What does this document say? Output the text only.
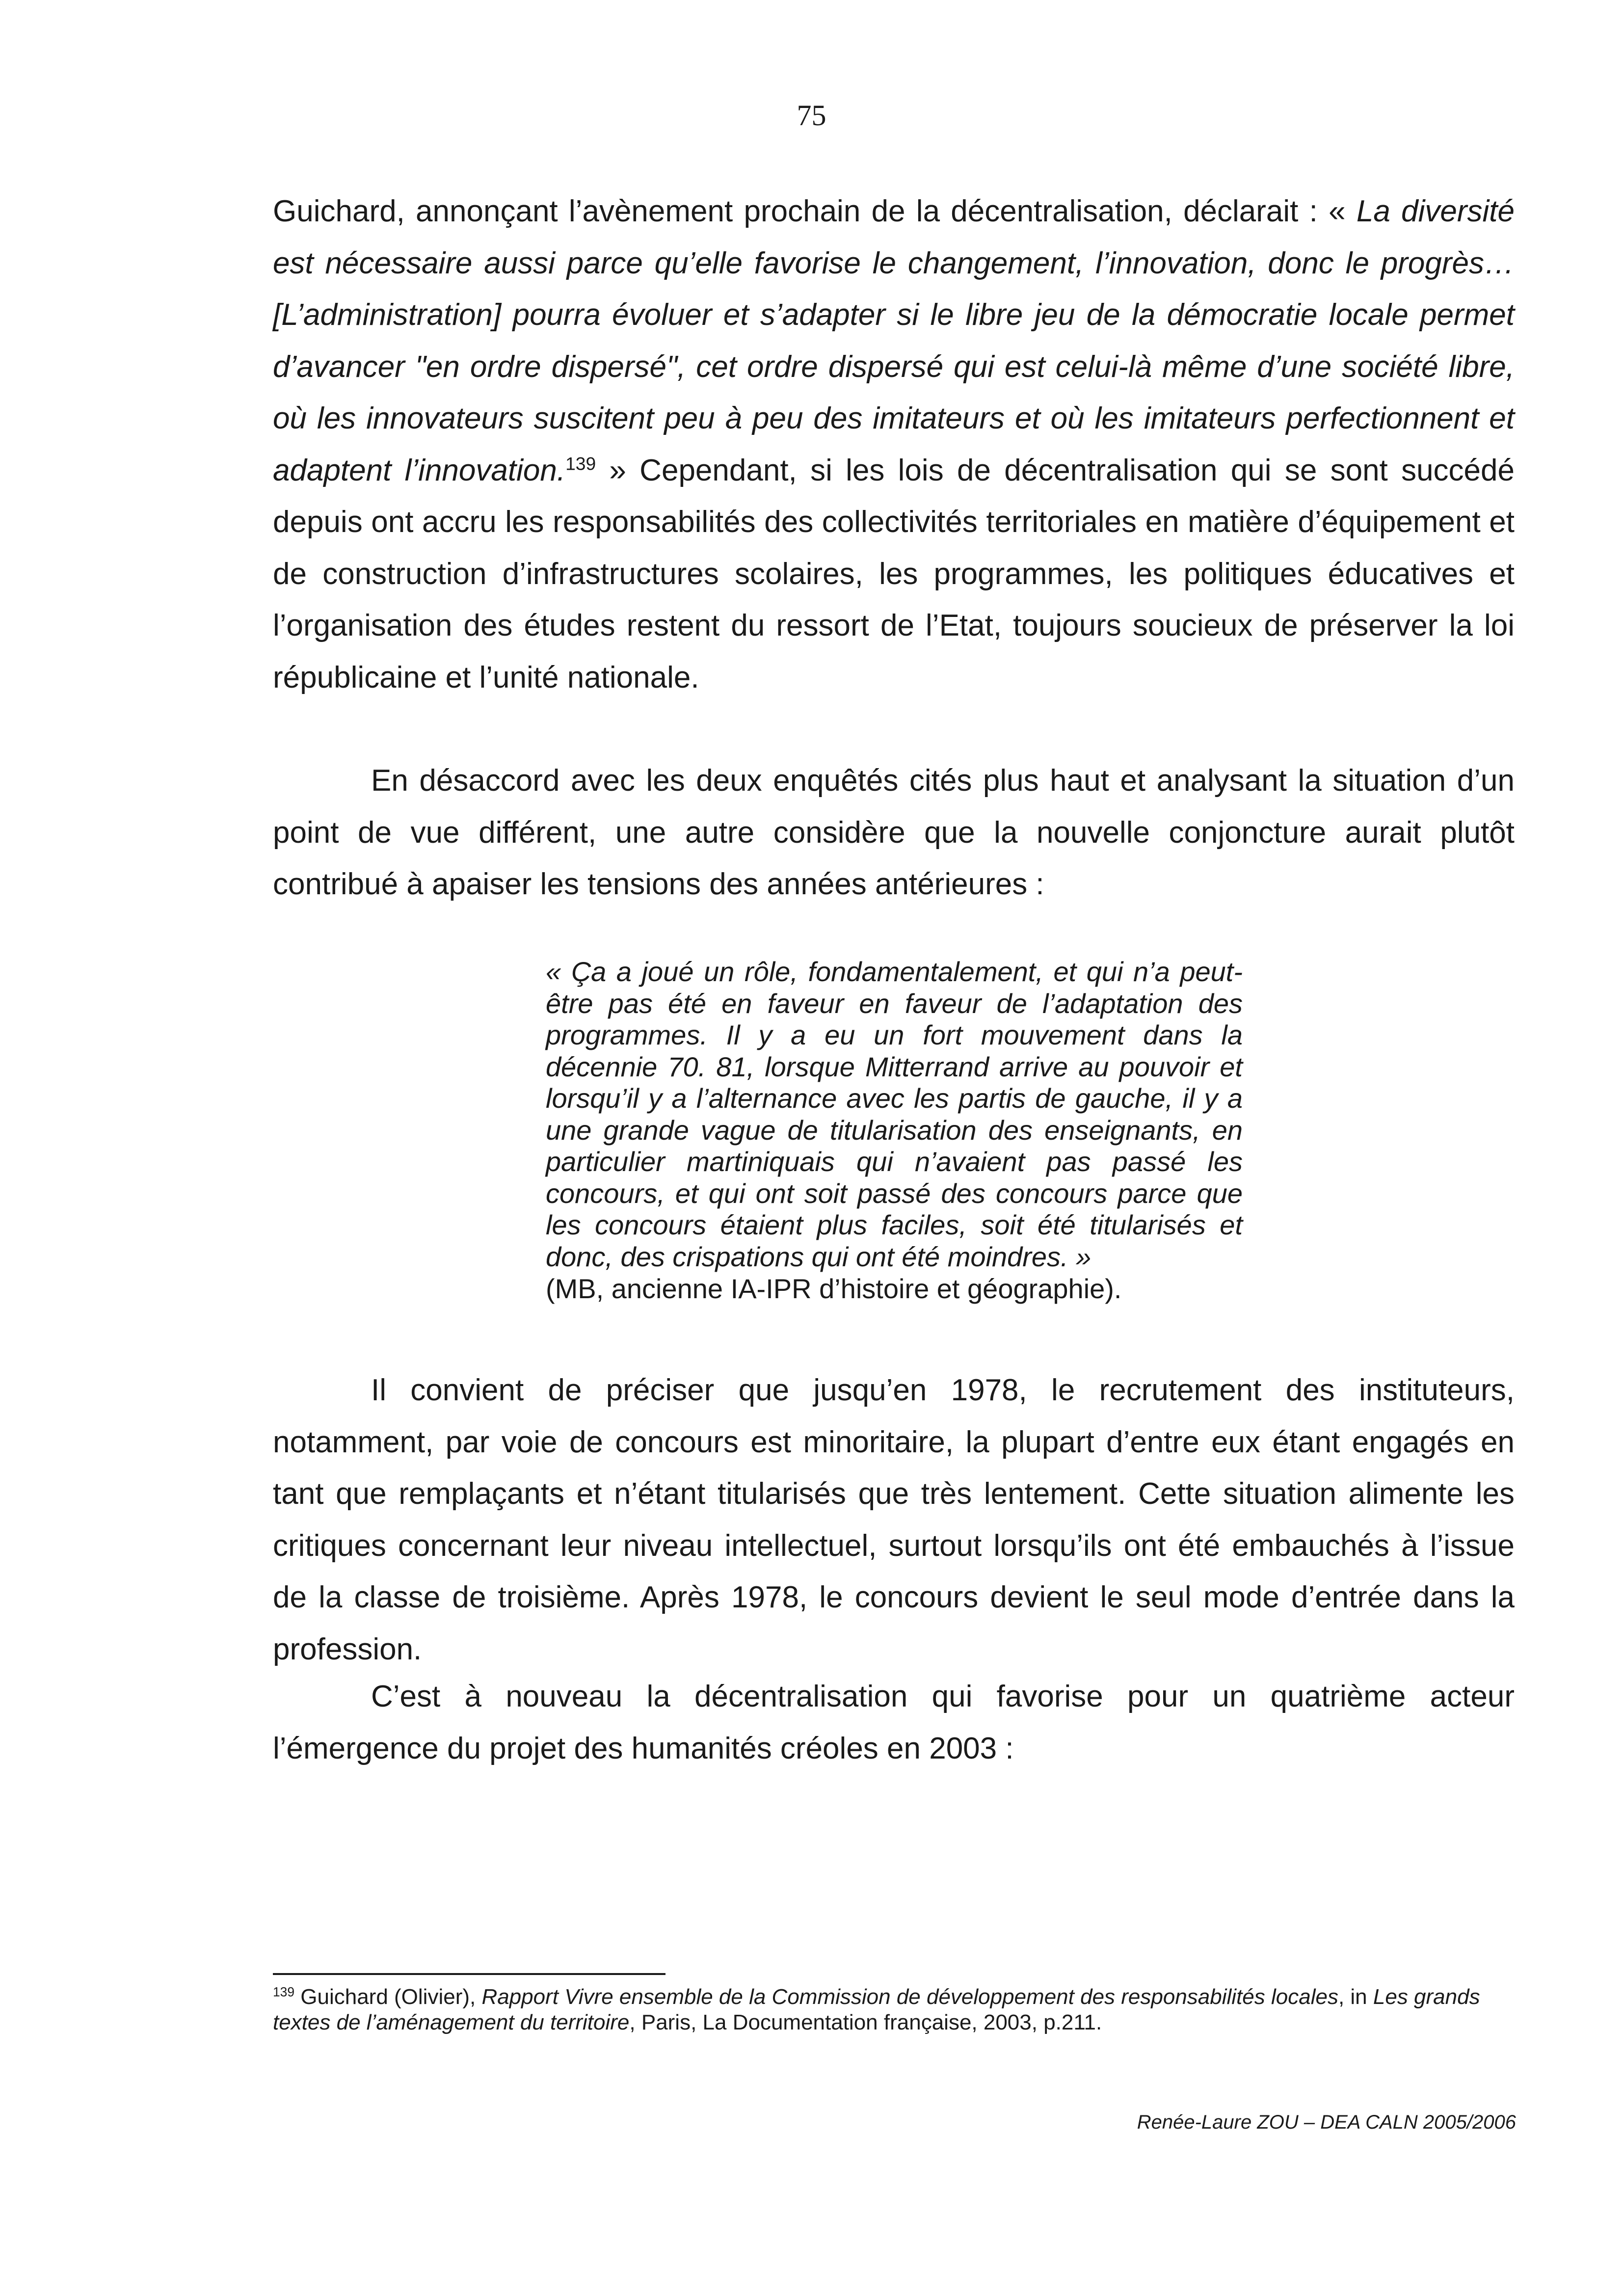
75

Guichard, annonçant l’avènement prochain de la décentralisation, déclarait : « La diversité est nécessaire aussi parce qu’elle favorise le changement, l’innovation, donc le progrès… [L’administration] pourra évoluer et s’adapter si le libre jeu de la démocratie locale permet d’avancer "en ordre dispersé", cet ordre dispersé qui est celui-là même d’une société libre, où les innovateurs suscitent peu à peu des imitateurs et où les imitateurs perfectionnent et adaptent l’innovation.$^{139}$ » Cependant, si les lois de décentralisation qui se sont succédé depuis ont accru les responsabilités des collectivités territoriales en matière d’équipement et de construction d’infrastructures scolaires, les programmes, les politiques éducatives et l’organisation des études restent du ressort de l’Etat, toujours soucieux de préserver la loi républicaine et l’unité nationale.

En désaccord avec les deux enquêtés cités plus haut et analysant la situation d’un point de vue différent, une autre considère que la nouvelle conjoncture aurait plutôt contribué à apaiser les tensions des années antérieures :

« Ça a joué un rôle, fondamentalement, et qui n’a peut-être pas été en faveur en faveur de l’adaptation des programmes. Il y a eu un fort mouvement dans la décennie 70. 81, lorsque Mitterrand arrive au pouvoir et lorsqu’il y a l’alternance avec les partis de gauche, il y a une grande vague de titularisation des enseignants, en particulier martiniquais qui n’avaient pas passé les concours, et qui ont soit passé des concours parce que les concours étaient plus faciles, soit été titularisés et donc, des crispations qui ont été moindres. »

(MB, ancienne IA-IPR d’histoire et géographie).

Il convient de préciser que jusqu’en 1978, le recrutement des instituteurs, notamment, par voie de concours est minoritaire, la plupart d’entre eux étant engagés en tant que remplaçants et n’étant titularisés que très lentement. Cette situation alimente les critiques concernant leur niveau intellectuel, surtout lorsqu’ils ont été embauchés à l’issue de la classe de troisième. Après 1978, le concours devient le seul mode d’entrée dans la profession.

C’est à nouveau la décentralisation qui favorise pour un quatrième acteur l’émergence du projet des humanités créoles en 2003 :

$^{139}$ Guichard (Olivier), Rapport Vivre ensemble de la Commission de développement des responsabilités locales, in Les grands textes de l’aménagement du territoire, Paris, La Documentation française, 2003, p.211.

Renée-Laure ZOU – DEA CALN 2005/2006
